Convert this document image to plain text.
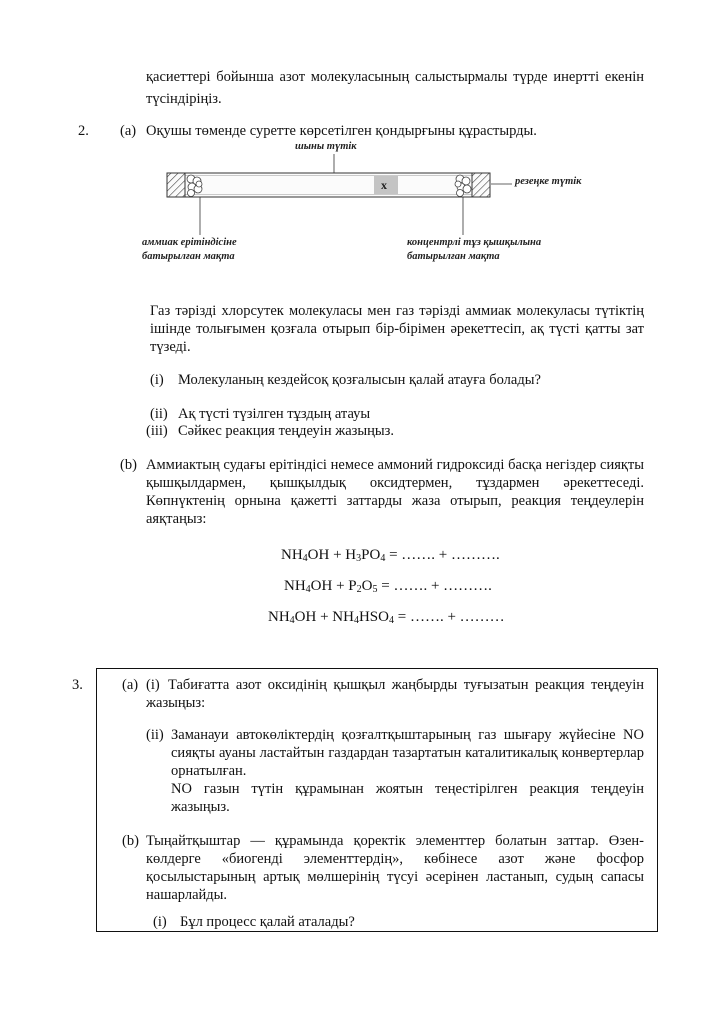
қасиеттері бойынша азот молекуласының салыстырмалы түрде инертті екенін
түсіндіріңіз.
2. (a) Оқушы төменде суретте көрсетілген қондырғыны құрастырды.
шыны түтік
резеңке түтік
x
аммиак ерітіндісіне
батырылған мақта
концентрлі тұз қышқылына
батырылған мақта
Газ тәрізді хлорсутек молекуласы мен газ тәрізді аммиак молекуласы түтіктің
ішінде толығымен қозғала отырып бір-бірімен әрекеттесіп, ақ түсті қатты зат
түзеді.
(i) Молекуланың кездейсоқ қозғалысын қалай атауға болады?
(ii) Ақ түсті түзілген тұздың атауы
(iii) Сәйкес реакция теңдеуін жазыңыз.
(b) Аммиактың судағы ерітіндісі немесе аммоний гидроксиді басқа негіздер сияқты
қышқылдармен, қышқылдық оксидтермен, тұздармен әрекеттеседі.
Көпнүктенің орнына қажетті заттарды жаза отырып, реакция теңдеулерін
аяқтаңыз:
$NH_4OH + H_3PO_4$ = ……. + ……….
$NH_4OH + P_2O_5$ = ……. + ……….
$NH_4OH + NH_4HSO_4$ = ……. + ………
3.	(a) (i) Табиғатта азот оксидінің қышқыл жаңбырды туғызатын реакция теңдеуін
жазыңыз:
(ii) Заманауи автокөліктердің қозғалтқыштарының газ шығару жүйесіне NO
сияқты ауаны ластайтын газдардан тазартатын каталитикалық конвертерлар
орнатылған.
NO газын түтін құрамынан жоятын теңестірілген реакция теңдеуін
жазыңыз.
(b) Тыңайтқыштар — құрамында қоректік элементтер болатын заттар. Өзен-
көлдерге «биогенді элементтердің», көбінесе азот және фосфор
қосылыстарының артық мөлшерінің түсуі әсерінен ластанып, судың сапасы
нашарлайды.
(i) Бұл процесс қалай аталады?
